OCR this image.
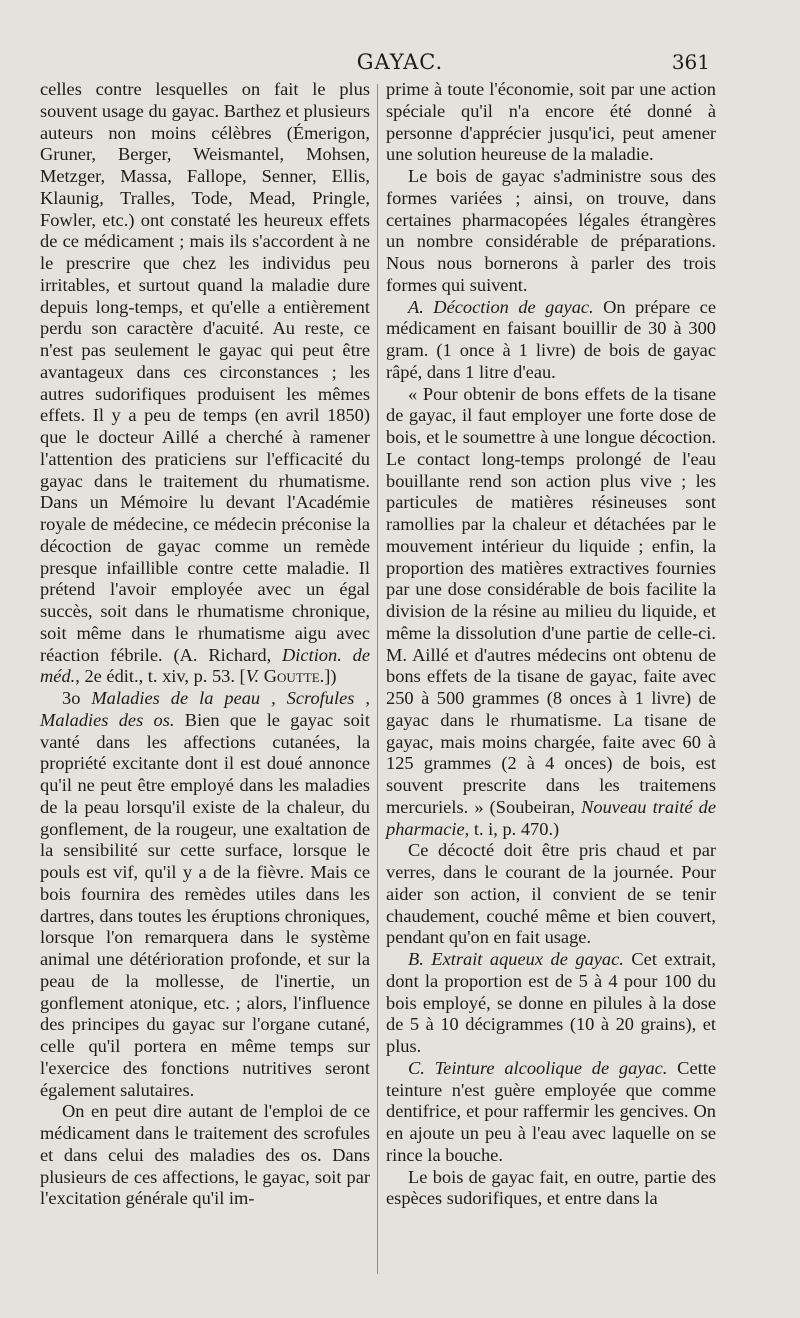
GAYAC.	361

celles contre lesquelles on fait le plus souvent usage du gayac. Barthez et plusieurs auteurs non moins célèbres (Émerigon, Gruner, Berger, Weismantel, Mohsen, Metzger, Massa, Fallope, Senner, Ellis, Klaunig, Tralles, Tode, Mead, Pringle, Fowler, etc.) ont constaté les heureux effets de ce médicament ; mais ils s'accordent à ne le prescrire que chez les individus peu irritables, et surtout quand la maladie dure depuis long-temps, et qu'elle a entièrement perdu son caractère d'acuité. Au reste, ce n'est pas seulement le gayac qui peut être avantageux dans ces circonstances ; les autres sudorifiques produisent les mêmes effets. Il y a peu de temps (en avril 1850) que le docteur Aillé a cherché à ramener l'attention des praticiens sur l'efficacité du gayac dans le traitement du rhumatisme. Dans un Mémoire lu devant l'Académie royale de médecine, ce médecin préconise la décoction de gayac comme un remède presque infaillible contre cette maladie. Il prétend l'avoir employée avec un égal succès, soit dans le rhumatisme chronique, soit même dans le rhumatisme aigu avec réaction fébrile. (A. Richard, Diction. de méd., 2e édit., t. xiv, p. 53. [V. Goutte.])

3o Maladies de la peau , Scrofules , Maladies des os. Bien que le gayac soit vanté dans les affections cutanées, la propriété excitante dont il est doué annonce qu'il ne peut être employé dans les maladies de la peau lorsqu'il existe de la chaleur, du gonflement, de la rougeur, une exaltation de la sensibilité sur cette surface, lorsque le pouls est vif, qu'il y a de la fièvre. Mais ce bois fournira des remèdes utiles dans les dartres, dans toutes les éruptions chroniques, lorsque l'on remarquera dans le système animal une détérioration profonde, et sur la peau de la mollesse, de l'inertie, un gonflement atonique, etc. ; alors, l'influence des principes du gayac sur l'organe cutané, celle qu'il portera en même temps sur l'exercice des fonctions nutritives seront également salutaires.

On en peut dire autant de l'emploi de ce médicament dans le traitement des scrofules et dans celui des maladies des os. Dans plusieurs de ces affections, le gayac, soit par l'excitation générale qu'il im-

prime à toute l'économie, soit par une action spéciale qu'il n'a encore été donné à personne d'apprécier jusqu'ici, peut amener une solution heureuse de la maladie.

Le bois de gayac s'administre sous des formes variées ; ainsi, on trouve, dans certaines pharmacopées légales étrangères un nombre considérable de préparations. Nous nous bornerons à parler des trois formes qui suivent.

A. Décoction de gayac. On prépare ce médicament en faisant bouillir de 30 à 300 gram. (1 once à 1 livre) de bois de gayac râpé, dans 1 litre d'eau.

« Pour obtenir de bons effets de la tisane de gayac, il faut employer une forte dose de bois, et le soumettre à une longue décoction. Le contact long-temps prolongé de l'eau bouillante rend son action plus vive ; les particules de matières résineuses sont ramollies par la chaleur et détachées par le mouvement intérieur du liquide ; enfin, la proportion des matières extractives fournies par une dose considérable de bois facilite la division de la résine au milieu du liquide, et même la dissolution d'une partie de celle-ci. M. Aillé et d'autres médecins ont obtenu de bons effets de la tisane de gayac, faite avec 250 à 500 grammes (8 onces à 1 livre) de gayac dans le rhumatisme. La tisane de gayac, mais moins chargée, faite avec 60 à 125 grammes (2 à 4 onces) de bois, est souvent prescrite dans les traitemens mercuriels. » (Soubeiran, Nouveau traité de pharmacie, t. i, p. 470.)

Ce décocté doit être pris chaud et par verres, dans le courant de la journée. Pour aider son action, il convient de se tenir chaudement, couché même et bien couvert, pendant qu'on en fait usage.

B. Extrait aqueux de gayac. Cet extrait, dont la proportion est de 5 à 4 pour 100 du bois employé, se donne en pilules à la dose de 5 à 10 décigrammes (10 à 20 grains), et plus.

C. Teinture alcoolique de gayac. Cette teinture n'est guère employée que comme dentifrice, et pour raffermir les gencives. On en ajoute un peu à l'eau avec laquelle on se rince la bouche.

Le bois de gayac fait, en outre, partie des espèces sudorifiques, et entre dans la
